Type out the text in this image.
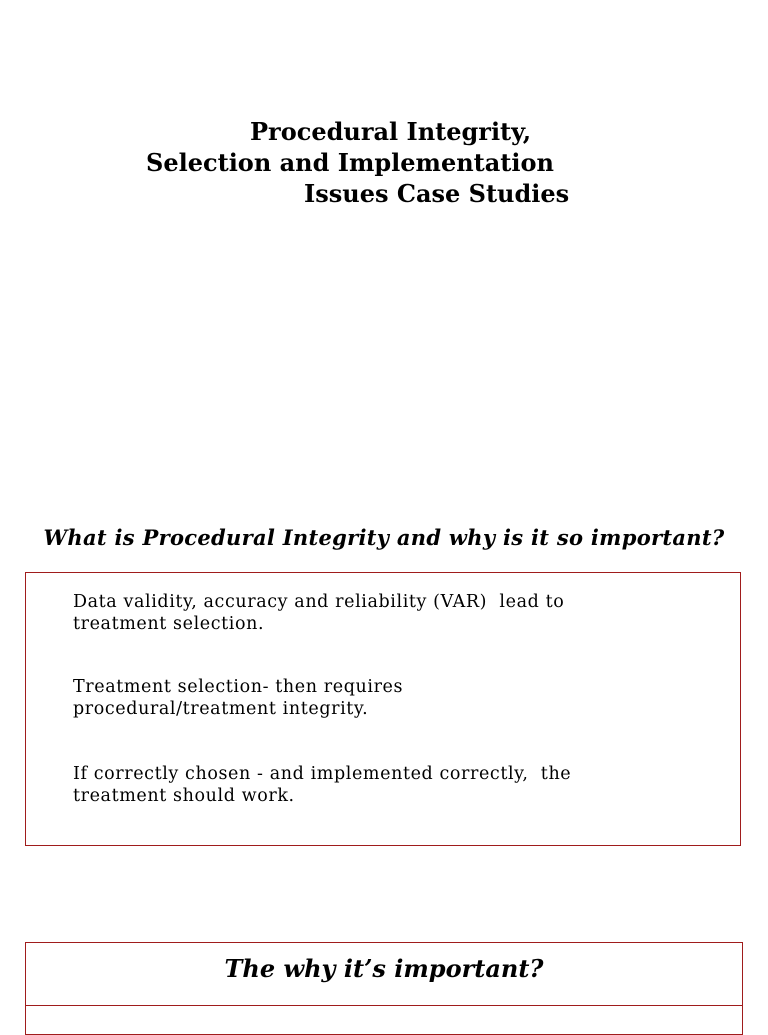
Procedural Integrity,
Selection and Implementation
Issues Case Studies
What is Procedural Integrity and why is it so important?
Data validity, accuracy and reliability (VAR)  lead to
treatment selection.
Treatment selection- then requires
procedural/treatment integrity.
If correctly chosen - and implemented correctly,  the
treatment should work.
The why it’s important?
